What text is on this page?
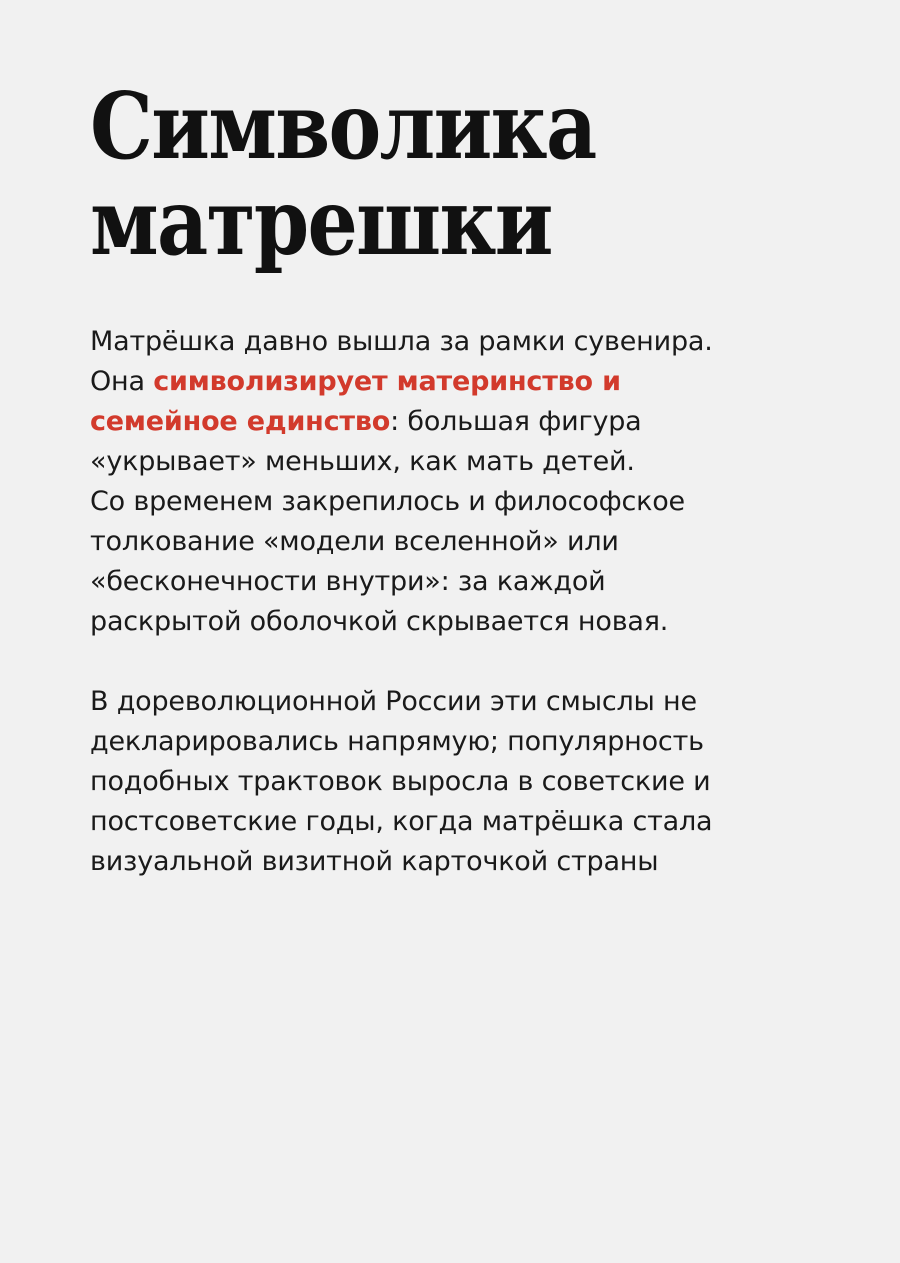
Символика
матрешки

Матрёшка давно вышла за рамки сувенира.
Она символизирует материнство и
семейное единство: большая фигура
«укрывает» меньших, как мать детей.
Со временем закрепилось и философское
толкование «модели вселенной» или
«бесконечности внутри»: за каждой
раскрытой оболочкой скрывается новая.

В дореволюционной России эти смыслы не
декларировались напрямую; популярность
подобных трактовок выросла в советские и
постсоветские годы, когда матрёшка стала
визуальной визитной карточкой страны
